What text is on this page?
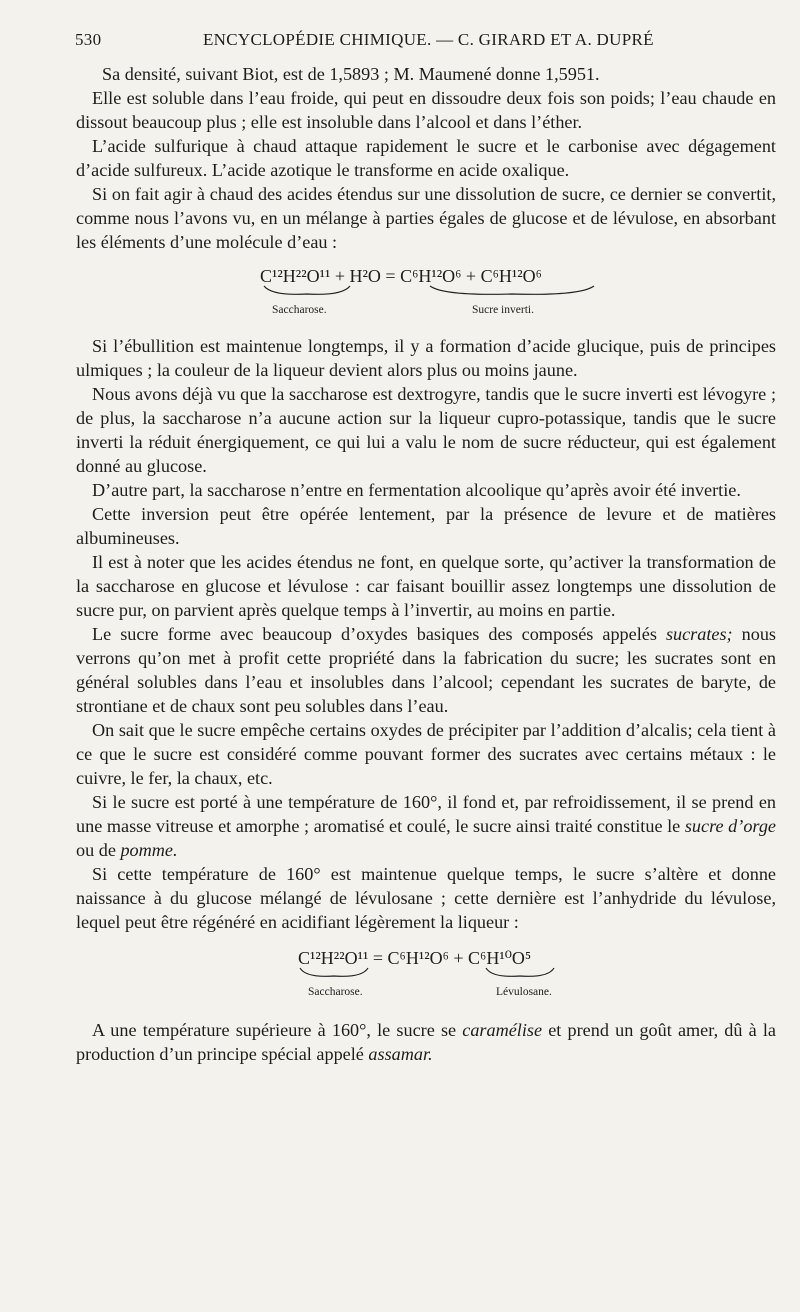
530	ENCYCLOPÉDIE CHIMIQUE. — C. GIRARD ET A. DUPRÉ

Sa densité, suivant Biot, est de 1,5893 ; M. Maumené donne 1,5951.

Elle est soluble dans l’eau froide, qui peut en dissoudre deux fois son poids; l’eau chaude en dissout beaucoup plus ; elle est insoluble dans l’alcool et dans l’éther.

L’acide sulfurique à chaud attaque rapidement le sucre et le carbonise avec dégagement d’acide sulfureux. L’acide azotique le transforme en acide oxalique.

Si on fait agir à chaud des acides étendus sur une dissolution de sucre, ce dernier se convertit, comme nous l’avons vu, en un mélange à parties égales de glucose et de lévulose, en absorbant les éléments d’une molécule d’eau :

C¹²H²²O¹¹ + H²O = C⁶H¹²O⁶ + C⁶H¹²O⁶
Saccharose.	Sucre inverti.

Si l’ébullition est maintenue longtemps, il y a formation d’acide glucique, puis de principes ulmiques ; la couleur de la liqueur devient alors plus ou moins jaune.

Nous avons déjà vu que la saccharose est dextrogyre, tandis que le sucre inverti est lévogyre ; de plus, la saccharose n’a aucune action sur la liqueur cupro-potassique, tandis que le sucre inverti la réduit énergiquement, ce qui lui a valu le nom de sucre réducteur, qui est également donné au glucose.

D’autre part, la saccharose n’entre en fermentation alcoolique qu’après avoir été invertie.

Cette inversion peut être opérée lentement, par la présence de levure et de matières albumineuses.

Il est à noter que les acides étendus ne font, en quelque sorte, qu’activer la transformation de la saccharose en glucose et lévulose : car faisant bouillir assez longtemps une dissolution de sucre pur, on parvient après quelque temps à l’invertir, au moins en partie.

Le sucre forme avec beaucoup d’oxydes basiques des composés appelés sucrates; nous verrons qu’on met à profit cette propriété dans la fabrication du sucre; les sucrates sont en général solubles dans l’eau et insolubles dans l’alcool; cependant les sucrates de baryte, de strontiane et de chaux sont peu solubles dans l’eau.

On sait que le sucre empêche certains oxydes de précipiter par l’addition d’alcalis; cela tient à ce que le sucre est considéré comme pouvant former des sucrates avec certains métaux : le cuivre, le fer, la chaux, etc.

Si le sucre est porté à une température de 160°, il fond et, par refroidissement, il se prend en une masse vitreuse et amorphe ; aromatisé et coulé, le sucre ainsi traité constitue le sucre d’orge ou de pomme.

Si cette température de 160° est maintenue quelque temps, le sucre s’altère et donne naissance à du glucose mélangé de lévulosane ; cette dernière est l’anhydride du lévulose, lequel peut être régénéré en acidifiant légèrement la liqueur :

C¹²H²²O¹¹ = C⁶H¹²O⁶ + C⁶H¹⁰O⁵
Saccharose.	Lévulosane.

A une température supérieure à 160°, le sucre se caramélise et prend un goût amer, dû à la production d’un principe spécial appelé assamar.
